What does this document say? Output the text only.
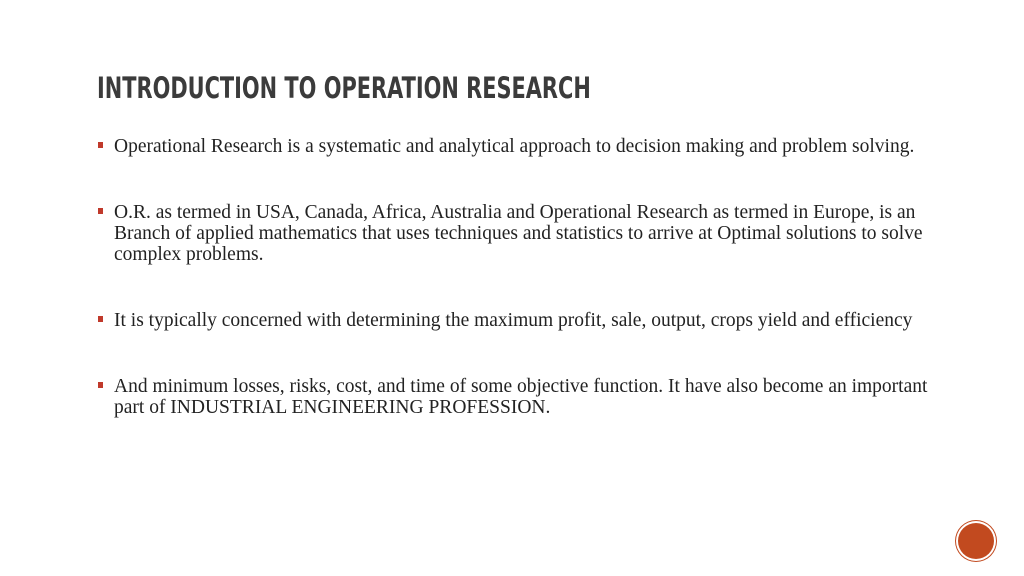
INTRODUCTION TO OPERATION RESEARCH
Operational Research is a systematic and analytical approach to decision making and problem solving.
O.R. as termed in USA, Canada, Africa, Australia and Operational Research as termed in Europe, is an Branch of applied mathematics that uses techniques and statistics to arrive at Optimal solutions to solve complex problems.
It is typically concerned with determining the maximum profit, sale, output, crops yield and efficiency
And minimum losses, risks, cost, and time of some objective function. It have also become an important part of INDUSTRIAL ENGINEERING PROFESSION.
